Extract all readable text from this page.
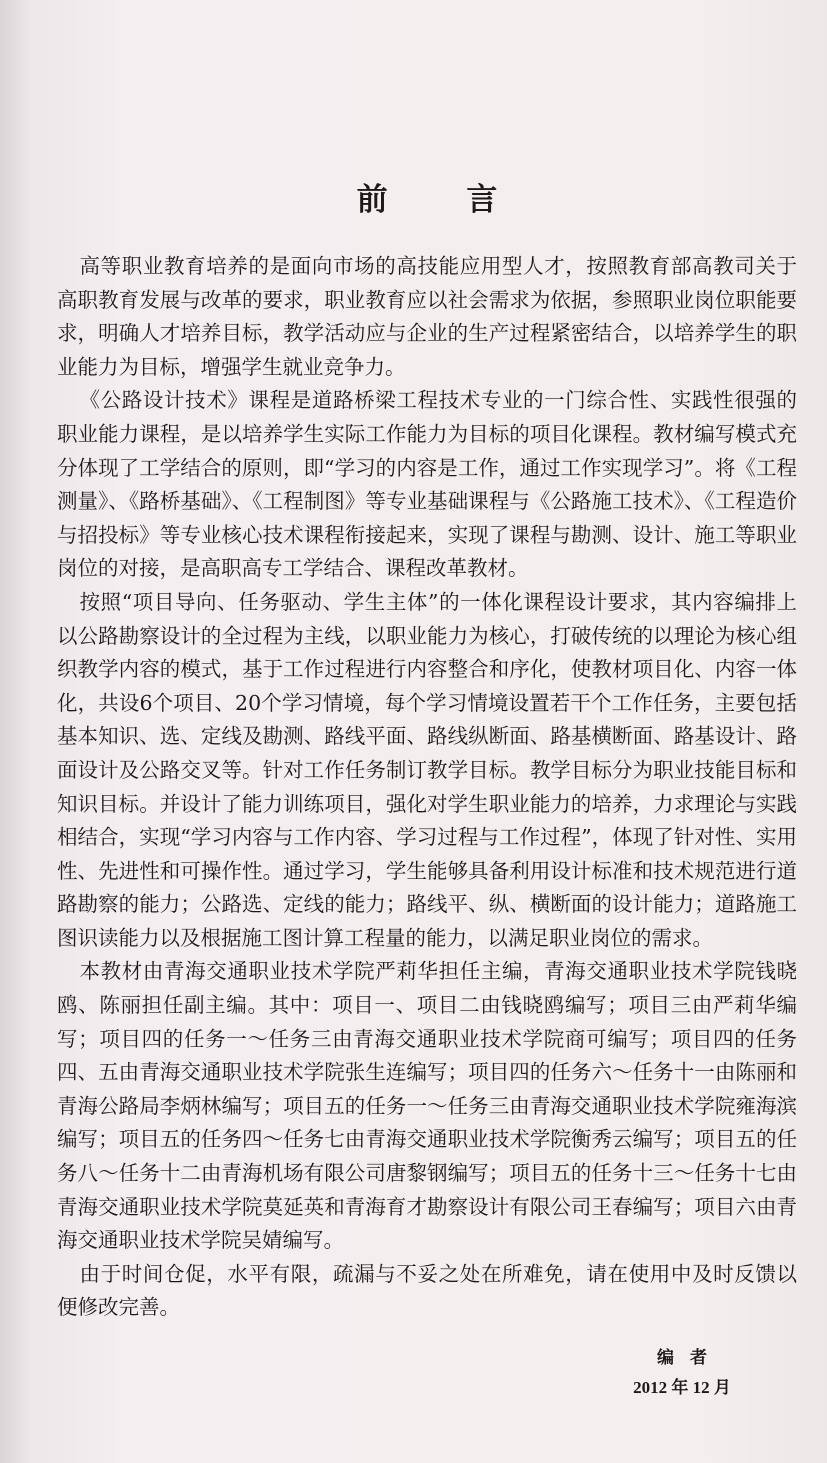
前 言

高等职业教育培养的是面向市场的高技能应用型人才，按照教育部高教司关于高职教育发展与改革的要求，职业教育应以社会需求为依据，参照职业岗位职能要求，明确人才培养目标，教学活动应与企业的生产过程紧密结合，以培养学生的职业能力为目标，增强学生就业竞争力。

《公路设计技术》课程是道路桥梁工程技术专业的一门综合性、实践性很强的职业能力课程，是以培养学生实际工作能力为目标的项目化课程。教材编写模式充分体现了工学结合的原则，即“学习的内容是工作，通过工作实现学习”。将《工程测量》、《路桥基础》、《工程制图》等专业基础课程与《公路施工技术》、《工程造价与招投标》等专业核心技术课程衔接起来，实现了课程与勘测、设计、施工等职业岗位的对接，是高职高专工学结合、课程改革教材。

按照“项目导向、任务驱动、学生主体”的一体化课程设计要求，其内容编排上以公路勘察设计的全过程为主线，以职业能力为核心，打破传统的以理论为核心组织教学内容的模式，基于工作过程进行内容整合和序化，使教材项目化、内容一体化，共设6个项目、20个学习情境，每个学习情境设置若干个工作任务，主要包括基本知识、选、定线及勘测、路线平面、路线纵断面、路基横断面、路基设计、路面设计及公路交叉等。针对工作任务制订教学目标。教学目标分为职业技能目标和知识目标。并设计了能力训练项目，强化对学生职业能力的培养，力求理论与实践相结合，实现“学习内容与工作内容、学习过程与工作过程”，体现了针对性、实用性、先进性和可操作性。通过学习，学生能够具备利用设计标准和技术规范进行道路勘察的能力；公路选、定线的能力；路线平、纵、横断面的设计能力；道路施工图识读能力以及根据施工图计算工程量的能力，以满足职业岗位的需求。

本教材由青海交通职业技术学院严莉华担任主编，青海交通职业技术学院钱晓鸥、陈丽担任副主编。其中：项目一、项目二由钱晓鸥编写；项目三由严莉华编写；项目四的任务一～任务三由青海交通职业技术学院商可编写；项目四的任务四、五由青海交通职业技术学院张生连编写；项目四的任务六～任务十一由陈丽和青海公路局李炳林编写；项目五的任务一～任务三由青海交通职业技术学院雍海滨编写；项目五的任务四～任务七由青海交通职业技术学院衡秀云编写；项目五的任务八～任务十二由青海机场有限公司唐黎钢编写；项目五的任务十三～任务十七由青海交通职业技术学院莫延英和青海育才勘察设计有限公司王春编写；项目六由青海交通职业技术学院吴婧编写。

由于时间仓促，水平有限，疏漏与不妥之处在所难免，请在使用中及时反馈以便修改完善。

编者
2012 年 12 月
